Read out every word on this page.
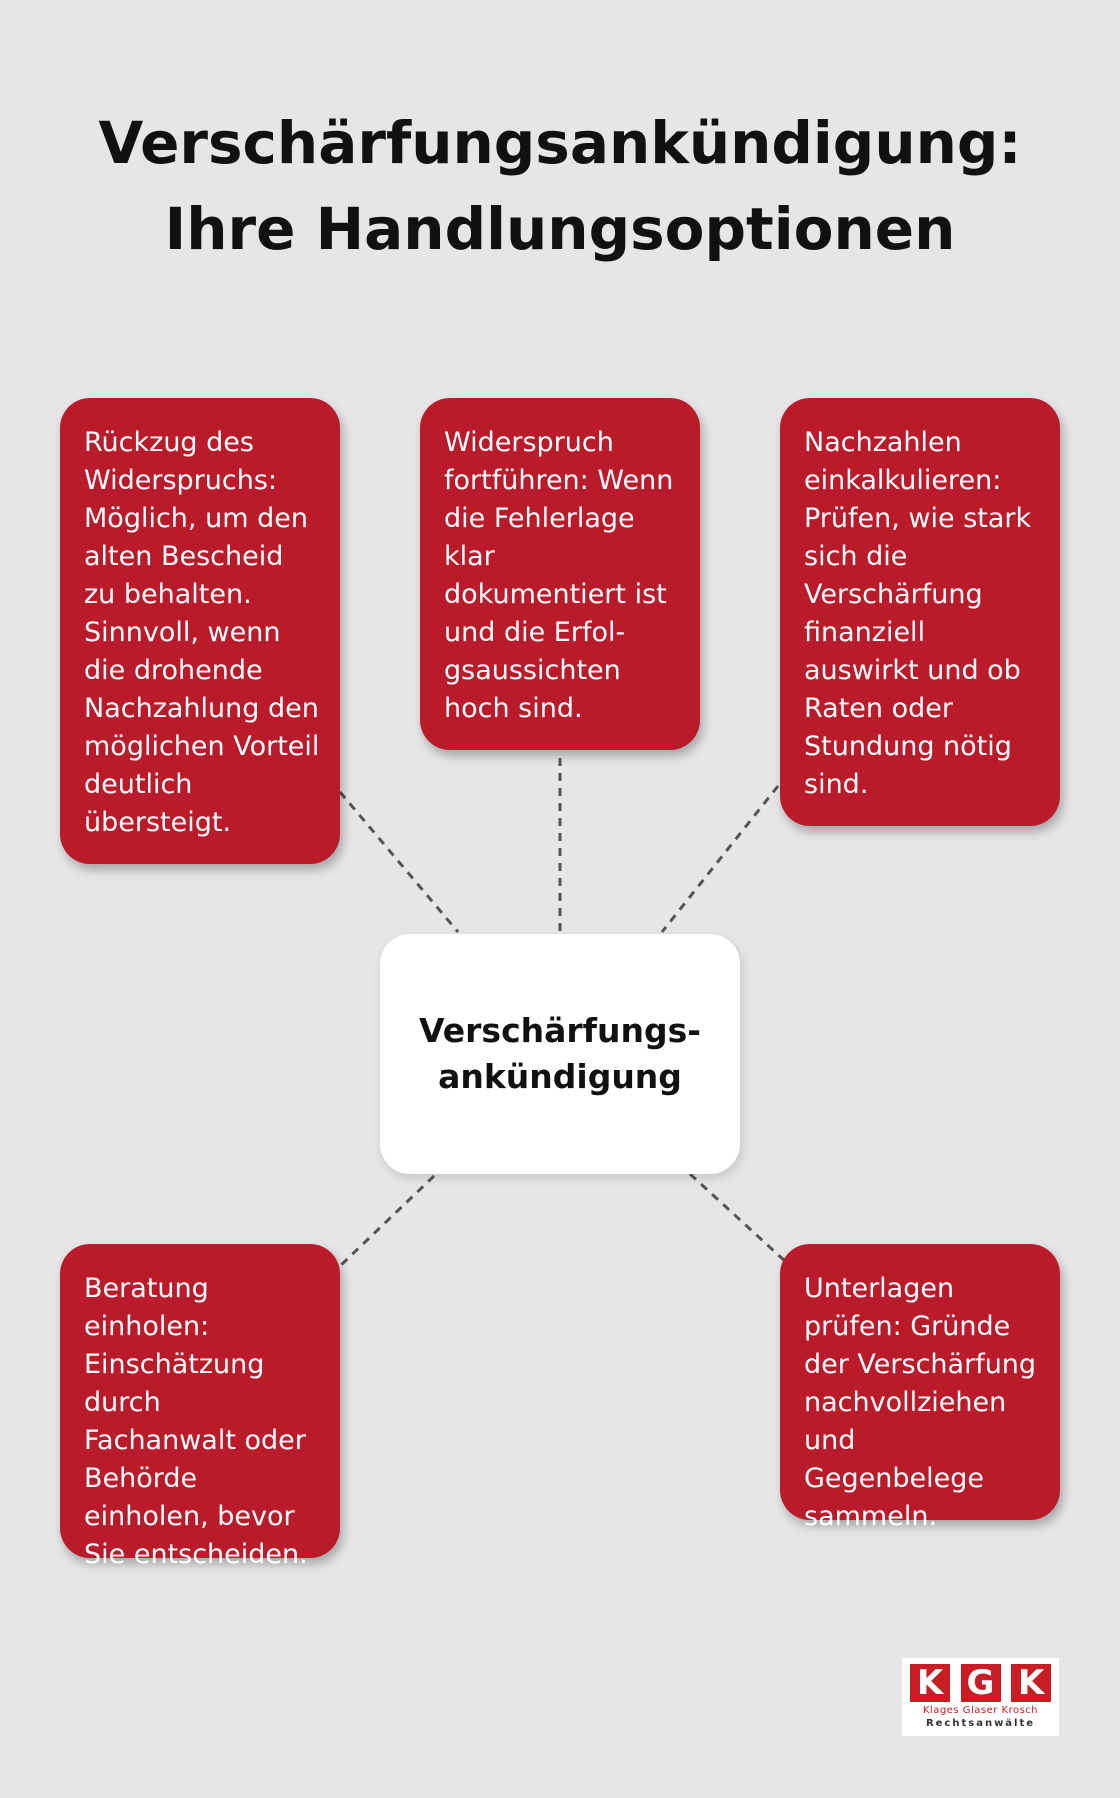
Verschärfungsankündigung:
Ihre Handlungsoptionen

Rückzug des Widerspruchs: Möglich, um den alten Bescheid zu behalten. Sinnvoll, wenn die drohende Nachzahlung den möglichen Vorteil deutlich übersteigt.

Widerspruch fortführen: Wenn die Fehlerlage klar dokumentiert ist und die Erfol-gsaussichten hoch sind.

Nachzahlen einkalkulieren: Prüfen, wie stark sich die Verschärfung finanziell auswirkt und ob Raten oder Stundung nötig sind.

Verschärfungs-
ankündigung

Beratung einholen: Einschätzung durch Fachanwalt oder Behörde einholen, bevor Sie entscheiden.

Unterlagen prüfen: Gründe der Verschärfung nachvollziehen und Gegenbelege sammeln.

K G K
Klages Glaser Krosch
Rechtsanwälte
